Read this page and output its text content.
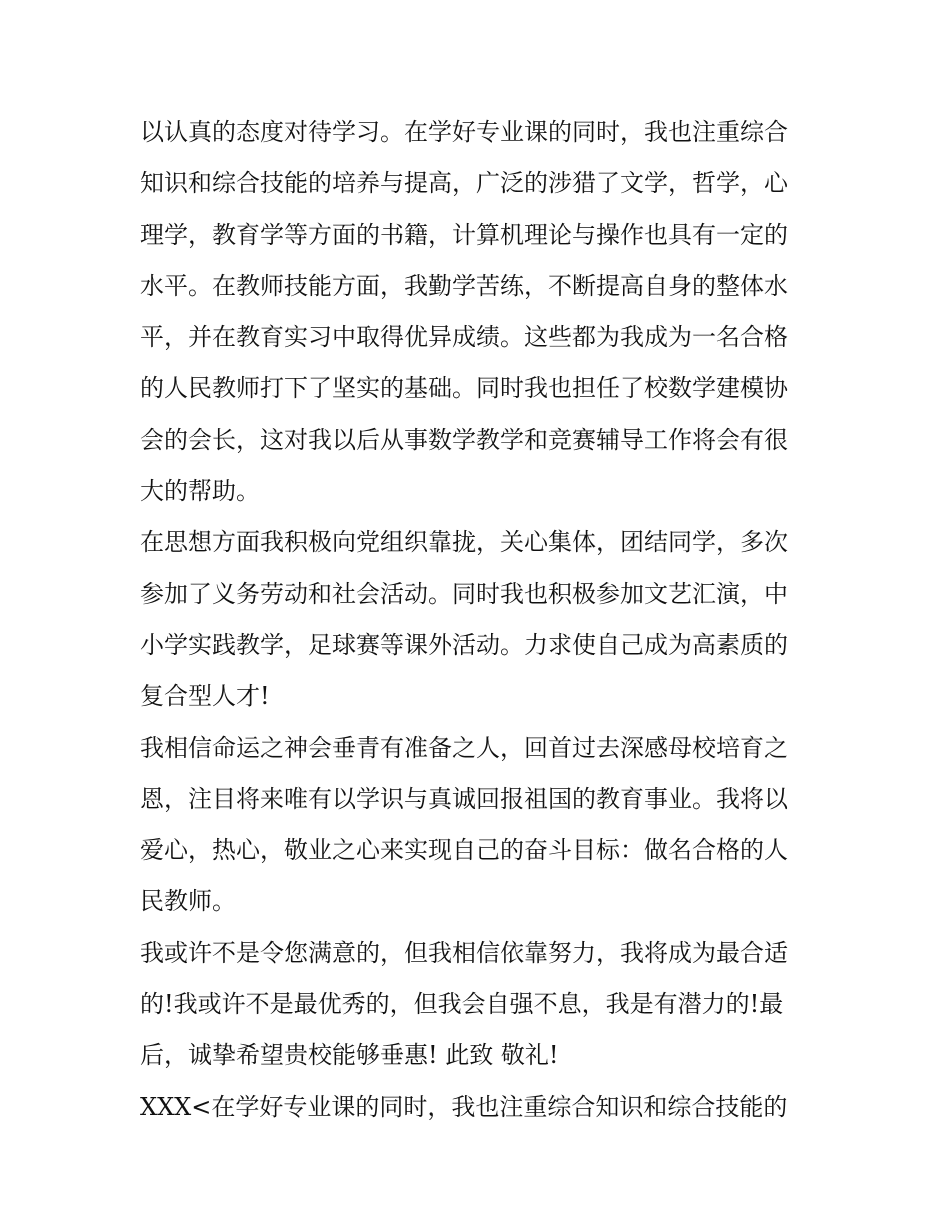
以认真的态度对待学习。在学好专业课的同时，我也注重综合
知识和综合技能的培养与提高，广泛的涉猎了文学，哲学，心
理学，教育学等方面的书籍，计算机理论与操作也具有一定的
水平。在教师技能方面，我勤学苦练，不断提高自身的整体水
平，并在教育实习中取得优异成绩。这些都为我成为一名合格
的人民教师打下了坚实的基础。同时我也担任了校数学建模协
会的会长，这对我以后从事数学教学和竞赛辅导工作将会有很
大的帮助。
在思想方面我积极向党组织靠拢，关心集体，团结同学，多次
参加了义务劳动和社会活动。同时我也积极参加文艺汇演，中
小学实践教学，足球赛等课外活动。力求使自己成为高素质的
复合型人才!
我相信命运之神会垂青有准备之人，回首过去深感母校培育之
恩，注目将来唯有以学识与真诚回报祖国的教育事业。我将以
爱心，热心，敬业之心来实现自己的奋斗目标：做名合格的人
民教师。
我或许不是令您满意的，但我相信依靠努力，我将成为最合适
的!我或许不是最优秀的，但我会自强不息，我是有潜力的!最
后，诚挚希望贵校能够垂惠! 此致 敬礼!
XXX<在学好专业课的同时，我也注重综合知识和综合技能的
